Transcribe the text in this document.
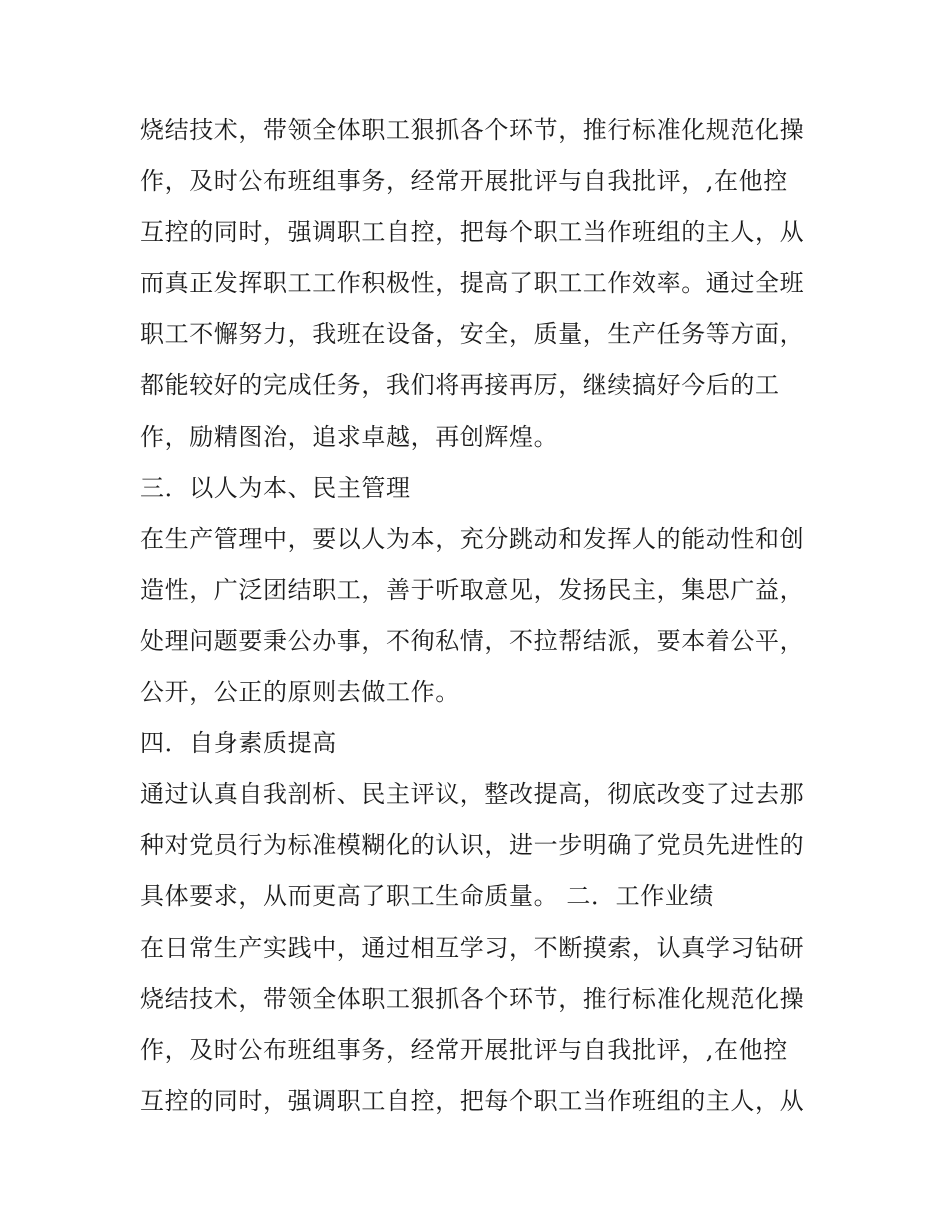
烧结技术，带领全体职工狠抓各个环节，推行标准化规范化操
作，及时公布班组事务，经常开展批评与自我批评，,在他控
互控的同时，强调职工自控，把每个职工当作班组的主人，从
而真正发挥职工工作积极性，提高了职工工作效率。通过全班
职工不懈努力，我班在设备，安全，质量，生产任务等方面，
都能较好的完成任务，我们将再接再厉，继续搞好今后的工
作，励精图治，追求卓越，再创辉煌。
三．以人为本、民主管理
在生产管理中，要以人为本，充分跳动和发挥人的能动性和创
造性，广泛团结职工，善于听取意见，发扬民主，集思广益，
处理问题要秉公办事，不徇私情，不拉帮结派，要本着公平，
公开，公正的原则去做工作。
四．自身素质提高
通过认真自我剖析、民主评议，整改提高，彻底改变了过去那
种对党员行为标准模糊化的认识，进一步明确了党员先进性的
具体要求，从而更高了职工生命质量。 二．工作业绩
在日常生产实践中，通过相互学习，不断摸索，认真学习钻研
烧结技术，带领全体职工狠抓各个环节，推行标准化规范化操
作，及时公布班组事务，经常开展批评与自我批评，,在他控
互控的同时，强调职工自控，把每个职工当作班组的主人，从
